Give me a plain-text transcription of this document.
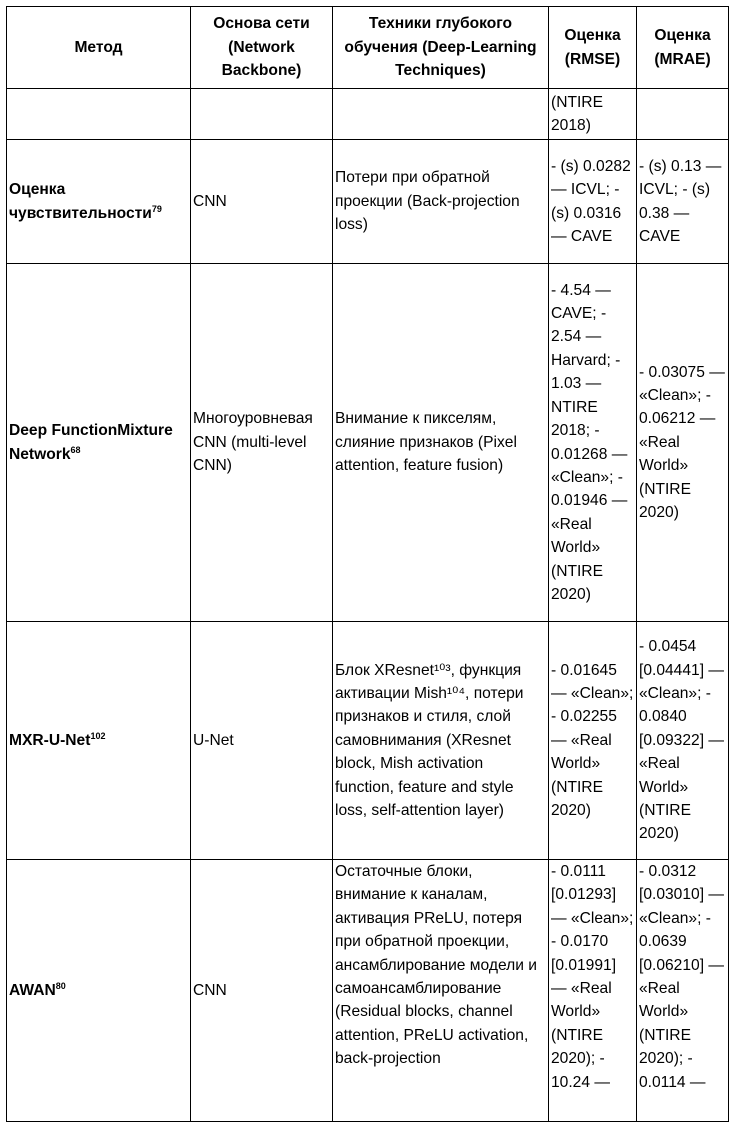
Метод	Основа сети (Network Backbone)	Техники глубокого обучения (Deep-Learning Techniques)	Оценка (RMSE)	Оценка (MRAE)
			(NTIRE 2018)	
Оценка чувствительности$^{79}$	CNN	Потери при обратной проекции (Back-projection loss)	- (s) 0.0282 — ICVL; - (s) 0.0316 — CAVE	- (s) 0.13 — ICVL; - (s) 0.38 — CAVE
Deep FunctionMixture Network$^{68}$	Многоуровневая CNN (multi-level CNN)	Внимание к пикселям, слияние признаков (Pixel attention, feature fusion)	- 4.54 — CAVE; - 2.54 — Harvard; - 1.03 — NTIRE 2018; - 0.01268 — «Clean»; - 0.01946 — «Real World» (NTIRE 2020)	- 0.03075 — «Clean»; - 0.06212 — «Real World» (NTIRE 2020)
MXR-U-Net$^{102}$	U-Net	Блок XResnet¹⁰³, функция активации Mish¹⁰⁴, потери признаков и стиля, слой самовнимания (XResnet block, Mish activation function, feature and style loss, self-attention layer)	- 0.01645 — «Clean»; - 0.02255 — «Real World» (NTIRE 2020)	- 0.0454 [0.04441] — «Clean»; - 0.0840 [0.09322] — «Real World» (NTIRE 2020)
AWAN$^{80}$	CNN	Остаточные блоки, внимание к каналам, активация PReLU, потеря при обратной проекции, ансамблирование модели и самоансамблирование (Residual blocks, channel attention, PReLU activation, back-projection	- 0.0111 [0.01293] — «Clean»; - 0.0170 [0.01991] — «Real World» (NTIRE 2020); - 10.24 —	- 0.0312 [0.03010] — «Clean»; - 0.0639 [0.06210] — «Real World» (NTIRE 2020); - 0.0114 —
